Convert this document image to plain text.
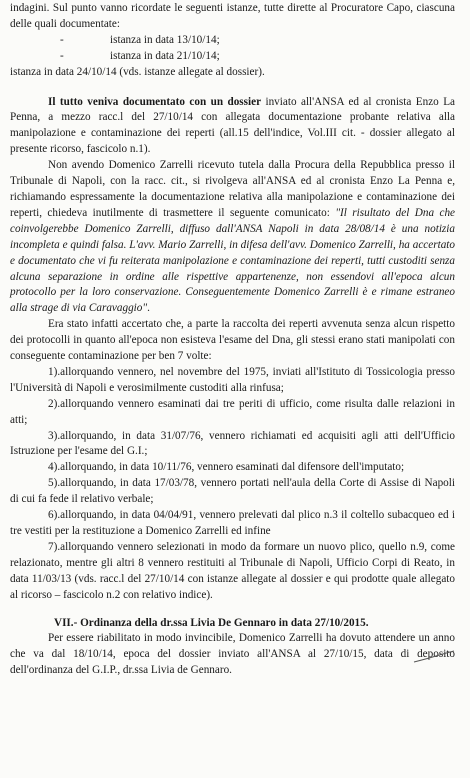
indagini. Sul punto vanno ricordate le seguenti istanze, tutte dirette al Procuratore Capo, ciascuna delle quali documentate:

-	istanza in data 13/10/14;
-	istanza in data 21/10/14;

istanza in data 24/10/14 (vds. istanze allegate al dossier).

Il tutto veniva documentato con un dossier inviato all'ANSA ed al cronista Enzo La Penna, a mezzo racc.l del 27/10/14 con allegata documentazione probante relativa alla manipolazione e contaminazione dei reperti (all.15 dell'indice, Vol.III cit. - dossier allegato al presente ricorso, fascicolo n.1).

Non avendo Domenico Zarrelli ricevuto tutela dalla Procura della Repubblica presso il Tribunale di Napoli, con la racc. cit., si rivolgeva all'ANSA ed al cronista Enzo La Penna e, richiamando espressamente la documentazione relativa alla manipolazione e contaminazione dei reperti, chiedeva inutilmente di trasmettere il seguente comunicato: "Il risultato del Dna che coinvolgerebbe Domenico Zarrelli, diffuso dall'ANSA Napoli in data 28/08/14 è una notizia incompleta e quindi falsa. L'avv. Mario Zarrelli, in difesa dell'avv. Domenico Zarrelli, ha accertato e documentato che vi fu reiterata manipolazione e contaminazione dei reperti, tutti custoditi senza alcuna separazione in ordine alle rispettive appartenenze, non essendovi all'epoca alcun protocollo per la loro conservazione. Conseguentemente Domenico Zarrelli è e rimane estraneo alla strage di via Caravaggio".

Era stato infatti accertato che, a parte la raccolta dei reperti avvenuta senza alcun rispetto dei protocolli in quanto all'epoca non esisteva l'esame del Dna, gli stessi erano stati manipolati con conseguente contaminazione per ben 7 volte:

1).allorquando vennero, nel novembre del 1975, inviati all'Istituto di Tossicologia presso l'Università di Napoli e verosimilmente custoditi alla rinfusa;

2).allorquando vennero esaminati dai tre periti di ufficio, come risulta dalle relazioni in atti;

3).allorquando, in data 31/07/76, vennero richiamati ed acquisiti agli atti dell'Ufficio Istruzione per l'esame del G.I.;

4).allorquando, in data 10/11/76, vennero esaminati dal difensore dell'imputato;

5).allorquando, in data 17/03/78, vennero portati nell'aula della Corte di Assise di Napoli di cui fa fede il relativo verbale;

6).allorquando, in data 04/04/91, vennero prelevati dal plico n.3 il coltello subacqueo ed i tre vestiti per la restituzione a Domenico Zarrelli ed infine

7).allorquando vennero selezionati in modo da formare un nuovo plico, quello n.9, come relazionato, mentre gli altri 8 vennero restituiti al Tribunale di Napoli, Ufficio Corpi di Reato, in data 11/03/13 (vds. racc.l del 27/10/14 con istanze allegate al dossier e qui prodotte quale allegato al ricorso – fascicolo n.2 con relativo indice).

VII.- Ordinanza della dr.ssa Livia De Gennaro in data 27/10/2015.

Per essere riabilitato in modo invincibile, Domenico Zarrelli ha dovuto attendere un anno che va dal 18/10/14, epoca del dossier inviato all'ANSA al 27/10/15, data di deposito dell'ordinanza del G.I.P., dr.ssa Livia de Gennaro.
